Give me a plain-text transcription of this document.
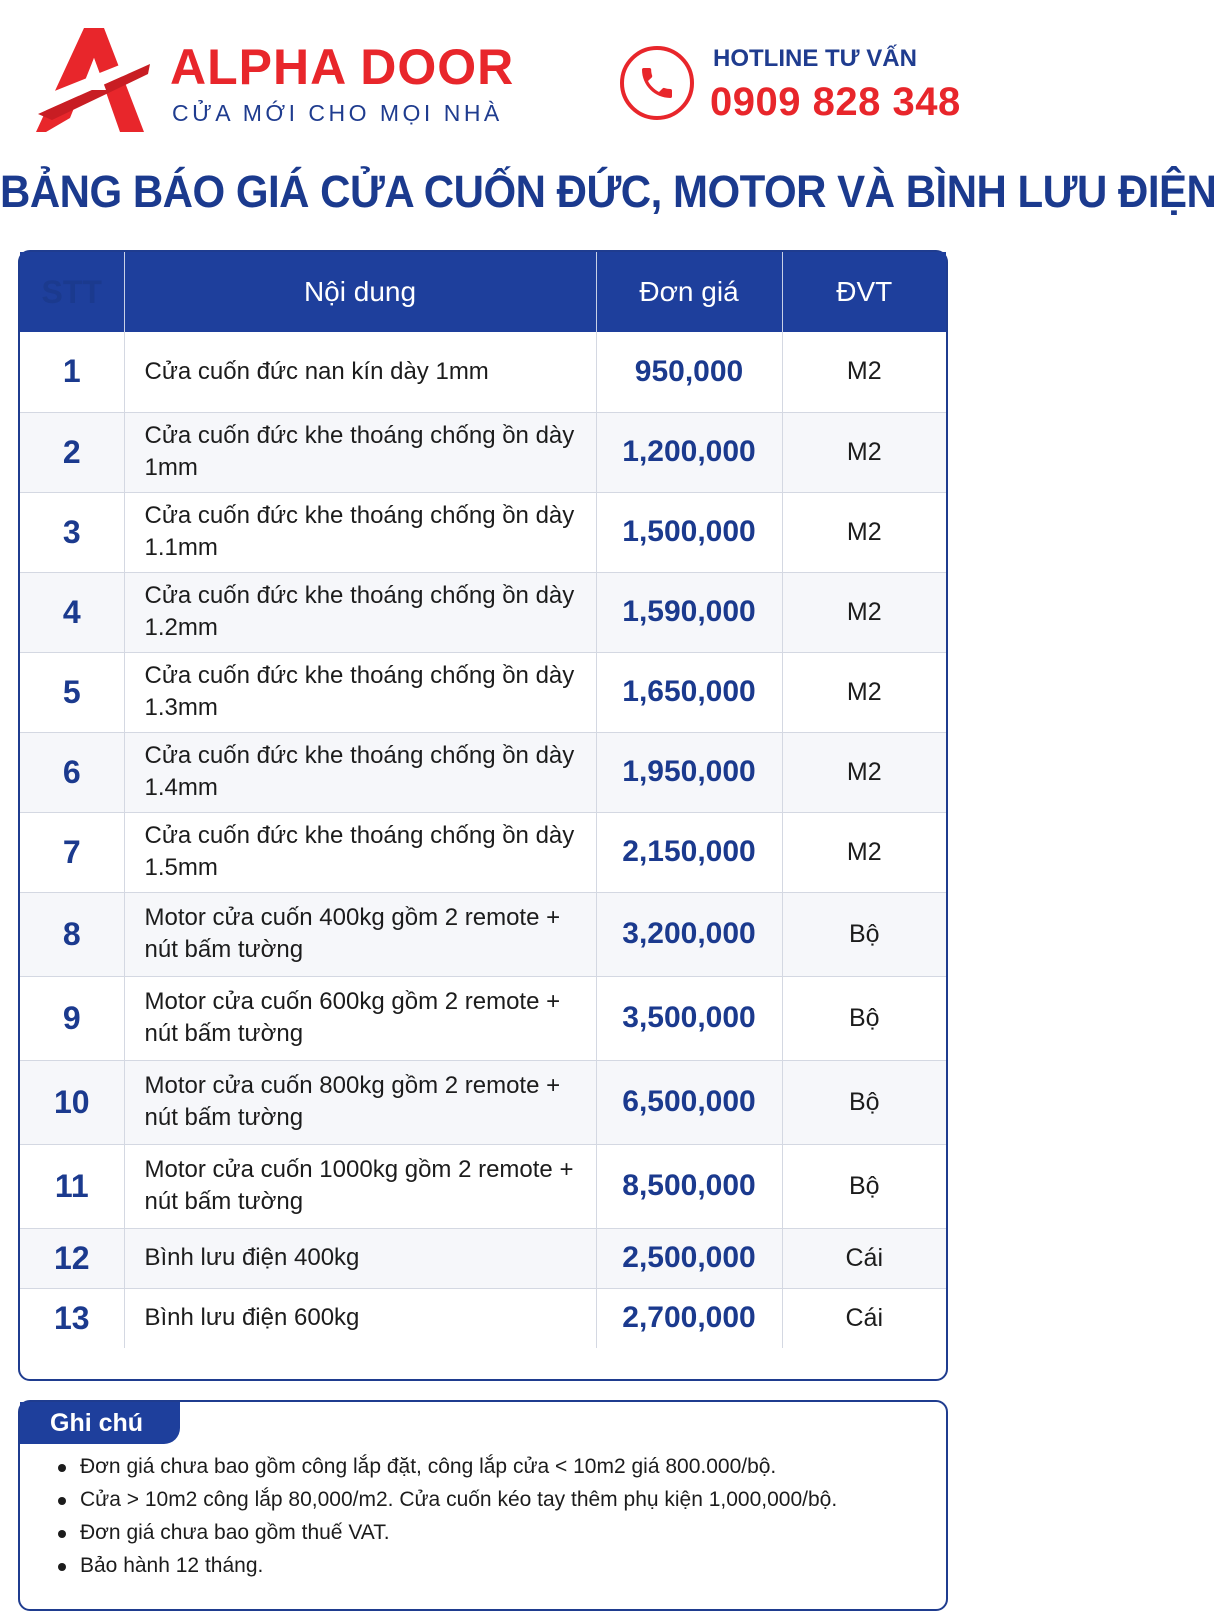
ALPHA DOOR
CỬA MỚI CHO MỌI NHÀ
HOTLINE TƯ VẤN
0909 828 348
BẢNG BÁO GIÁ CỬA CUỐN ĐỨC, MOTOR VÀ BÌNH LƯU ĐIỆN
STT	Nội dung	Đơn giá	ĐVT
1	Cửa cuốn đức nan kín dày 1mm	950,000	M2
2	Cửa cuốn đức khe thoáng chống ồn dày 1mm	1,200,000	M2
3	Cửa cuốn đức khe thoáng chống ồn dày 1.1mm	1,500,000	M2
4	Cửa cuốn đức khe thoáng chống ồn dày 1.2mm	1,590,000	M2
5	Cửa cuốn đức khe thoáng chống ồn dày 1.3mm	1,650,000	M2
6	Cửa cuốn đức khe thoáng chống ồn dày 1.4mm	1,950,000	M2
7	Cửa cuốn đức khe thoáng chống ồn dày 1.5mm	2,150,000	M2
8	Motor cửa cuốn 400kg gồm 2 remote + nút bấm tường	3,200,000	Bộ
9	Motor cửa cuốn 600kg gồm 2 remote + nút bấm tường	3,500,000	Bộ
10	Motor cửa cuốn 800kg gồm 2 remote + nút bấm tường	6,500,000	Bộ
11	Motor cửa cuốn 1000kg gồm 2 remote + nút bấm tường	8,500,000	Bộ
12	Bình lưu điện 400kg	2,500,000	Cái
13	Bình lưu điện 600kg	2,700,000	Cái
Ghi chú
Đơn giá chưa bao gồm công lắp đặt, công lắp cửa < 10m2 giá 800.000/bộ.
Cửa > 10m2 công lắp 80,000/m2. Cửa cuốn kéo tay thêm phụ kiện 1,000,000/bộ.
Đơn giá chưa bao gồm thuế VAT.
Bảo hành 12 tháng.
